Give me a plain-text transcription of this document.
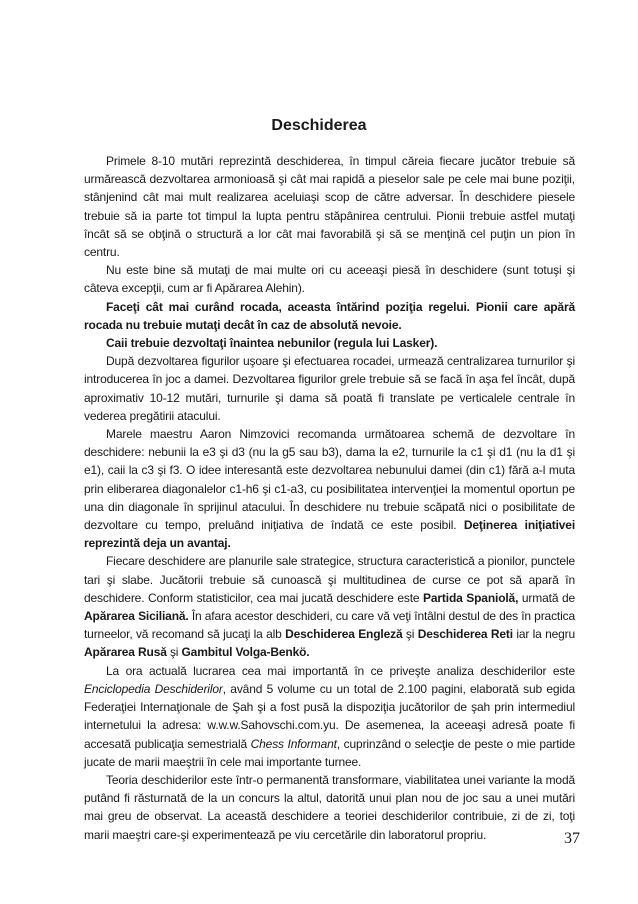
Deschiderea

Primele 8-10 mutări reprezintă deschiderea, în timpul căreia fiecare jucător trebuie să urmărească dezvoltarea armonioasă şi cât mai rapidă a pieselor sale pe cele mai bune poziţii, stânjenind cât mai mult realizarea aceluiaşi scop de către adversar. În deschidere piesele trebuie să ia parte tot timpul la lupta pentru stăpânirea centrului. Pionii trebuie astfel mutaţi încât să se obţină o structură a lor cât mai favorabilă şi să se menţină cel puţin un pion în centru.

Nu este bine să mutaţi de mai multe ori cu aceeaşi piesă în deschidere (sunt totuşi şi câteva excepţii, cum ar fi Apărarea Alehin).

Faceţi cât mai curând rocada, aceasta întărind poziţia regelui. Pionii care apără rocada nu trebuie mutaţi decât în caz de absolută nevoie.

Caii trebuie dezvoltaţi înaintea nebunilor (regula lui Lasker).

După dezvoltarea figurilor uşoare şi efectuarea rocadei, urmează centralizarea turnurilor şi introducerea în joc a damei. Dezvoltarea figurilor grele trebuie să se facă în aşa fel încât, după aproximativ 10-12 mutări, turnurile şi dama să poată fi translate pe verticalele centrale în vederea pregătirii atacului.

Marele maestru Aaron Nimzovici recomanda următoarea schemă de dezvoltare în deschidere: nebunii la e3 şi d3 (nu la g5 sau b3), dama la e2, turnurile la c1 şi d1 (nu la d1 şi e1), caii la c3 şi f3. O idee interesantă este dezvoltarea nebunului damei (din c1) fără a-l muta prin eliberarea diagonalelor c1-h6 şi c1-a3, cu posibilitatea intervenţiei la momentul oportun pe una din diagonale în sprijinul atacului. În deschidere nu trebuie scăpată nici o posibilitate de dezvoltare cu tempo, preluând iniţiativa de îndată ce este posibil. Deţinerea iniţiativei reprezintă deja un avantaj.

Fiecare deschidere are planurile sale strategice, structura caracteristică a pionilor, punctele tari şi slabe. Jucătorii trebuie să cunoască şi multitudinea de curse ce pot să apară în deschidere. Conform statisticilor, cea mai jucată deschidere este Partida Spaniolă, urmată de Apărarea Siciliană. În afara acestor deschideri, cu care vă veţi întâlni destul de des în practica turneelor, vă recomand să jucaţi la alb Deschiderea Engleză şi Deschiderea Reti iar la negru Apărarea Rusă şi Gambitul Volga-Benkö.

La ora actuală lucrarea cea mai importantă în ce priveşte analiza deschiderilor este Enciclopedia Deschiderilor, având 5 volume cu un total de 2.100 pagini, elaborată sub egida Federaţiei Internaţionale de Şah şi a fost pusă la dispoziţia jucătorilor de şah prin intermediul internetului la adresa: w.w.w.Sahovschi.com.yu. De asemenea, la aceeaşi adresă poate fi accesată publicaţia semestrială Chess Informant, cuprinzând o selecţie de peste o mie partide jucate de marii maeştrii în cele mai importante turnee.

Teoria deschiderilor este într-o permanentă transformare, viabilitatea unei variante la modă putând fi răsturnată de la un concurs la altul, datorită unui plan nou de joc sau a unei mutări mai greu de observat. La această deschidere a teoriei deschiderilor contribuie, zi de zi, toţi marii maeştri care-şi experimentează pe viu cercetările din laboratorul propriu.	37
